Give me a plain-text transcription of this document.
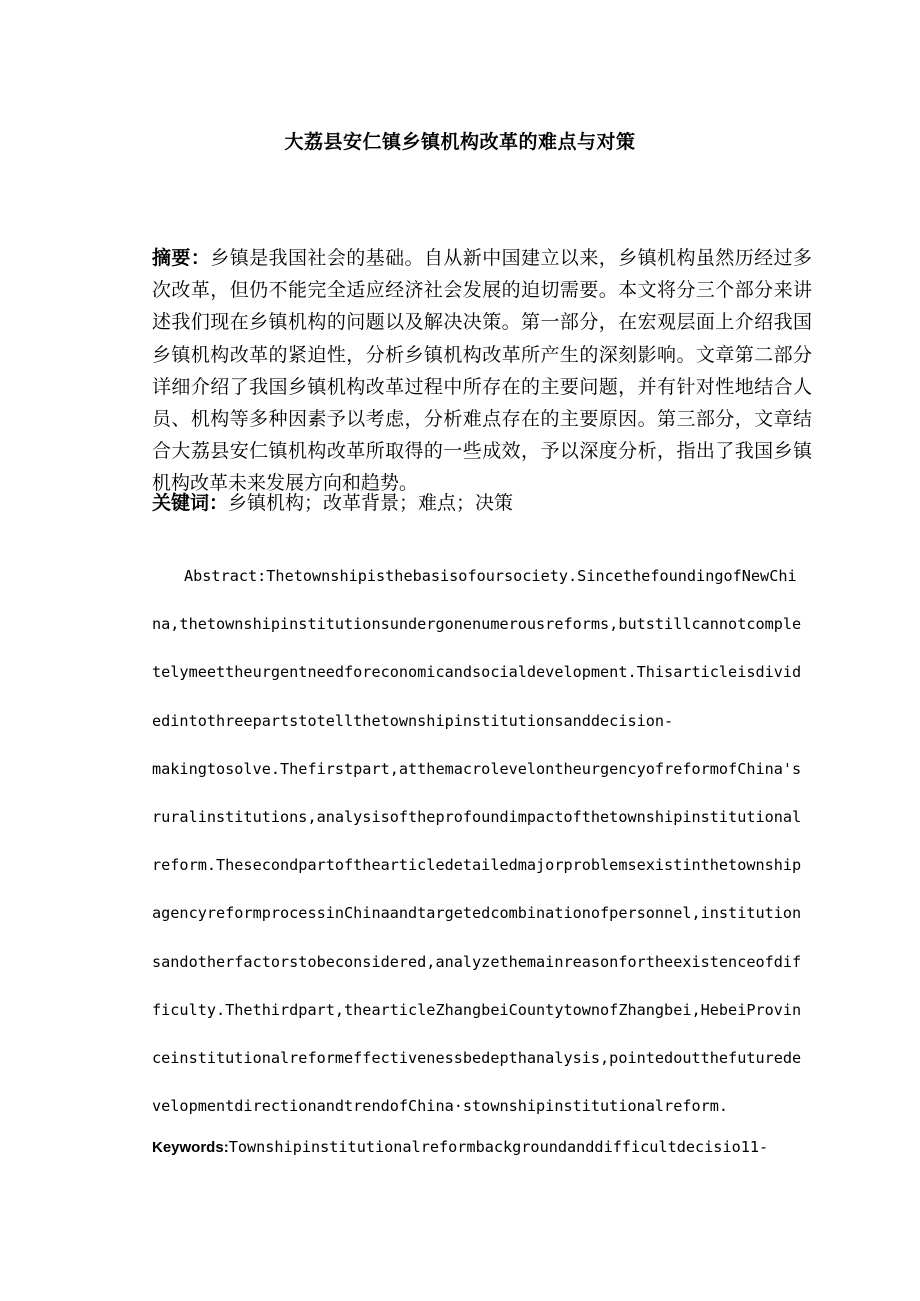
大荔县安仁镇乡镇机构改革的难点与对策

摘要：乡镇是我国社会的基础。自从新中国建立以来，乡镇机构虽然历经过多次改革，但仍不能完全适应经济社会发展的迫切需要。本文将分三个部分来讲述我们现在乡镇机构的问题以及解决决策。第一部分，在宏观层面上介绍我国乡镇机构改革的紧迫性，分析乡镇机构改革所产生的深刻影响。文章第二部分详细介绍了我国乡镇机构改革过程中所存在的主要问题，并有针对性地结合人员、机构等多种因素予以考虑，分析难点存在的主要原因。第三部分，文章结合大荔县安仁镇机构改革所取得的一些成效，予以深度分析，指出了我国乡镇机构改革未来发展方向和趋势。

关键词：乡镇机构；改革背景；难点；决策

Abstract:Thetownshipisthebasisofoursociety.SincethefoundingofNewChi
na,thetownshipinstitutionsundergonenumerousreforms,butstillcannotcomple
telymeettheurgentneedforeconomicandsocialdevelopment.Thisarticleisdivid
edintothreepartstotellthetownshipinstitutionsanddecision-
makingtosolve.Thefirstpart,atthemacrolevelontheurgencyofreformofChina's
ruralinstitutions,analysisoftheprofoundimpactofthetownshipinstitutional
reform.Thesecondpartofthearticledetailedmajorproblemsexistinthetownship
agencyreformprocessinChinaandtargetedcombinationofpersonnel,institution
sandotherfactorstobeconsidered,analyzethemainreasonfortheexistenceofdif
ficulty.Thethirdpart,thearticleZhangbeiCountytownofZhangbei,HebeiProvin
ceinstitutionalreformeffectivenessbedepthanalysis,pointedoutthefuturede
velopmentdirectionandtrendofChina·stownshipinstitutionalreform.

Keywords:Townshipinstitutionalreformbackgroundanddifficultdecisio11-
